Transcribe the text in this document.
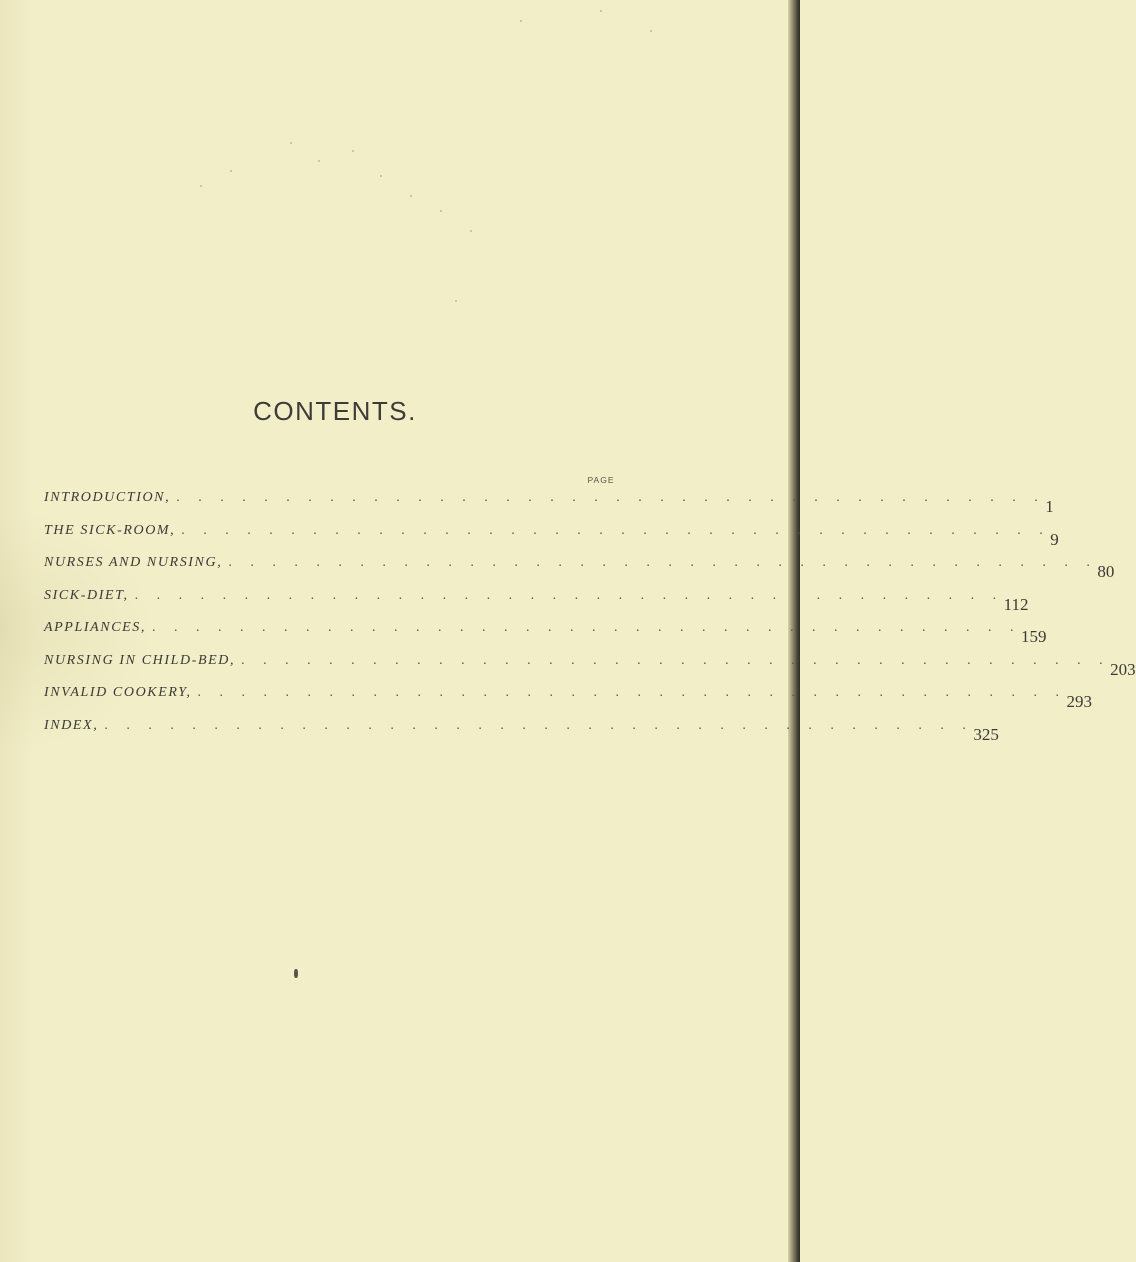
CONTENTS.
PAGE
INTRODUCTION, . . . . . . . . . . . . . . . . . . . . . . . . . . . . . . . . . . . . . . . . 1
THE SICK-ROOM, . . . . . . . . . . . . . . . . . . . . . . . . . . . . . . . . . . . . . . . . 9
NURSES AND NURSING, . . . . . . . . . . . . . . . . . . . . . . . . . . . . . . . . . . . . . . . . 80
SICK-DIET, . . . . . . . . . . . . . . . . . . . . . . . . . . . . . . . . . . . . . . . . 112
APPLIANCES, . . . . . . . . . . . . . . . . . . . . . . . . . . . . . . . . . . . . . . . . 159
NURSING IN CHILD-BED, . . . . . . . . . . . . . . . . . . . . . . . . . . . . . . . . . . . . . . . . 203
INVALID COOKERY, . . . . . . . . . . . . . . . . . . . . . . . . . . . . . . . . . . . . . . . . 293
INDEX, . . . . . . . . . . . . . . . . . . . . . . . . . . . . . . . . . . . . . . . . 325
